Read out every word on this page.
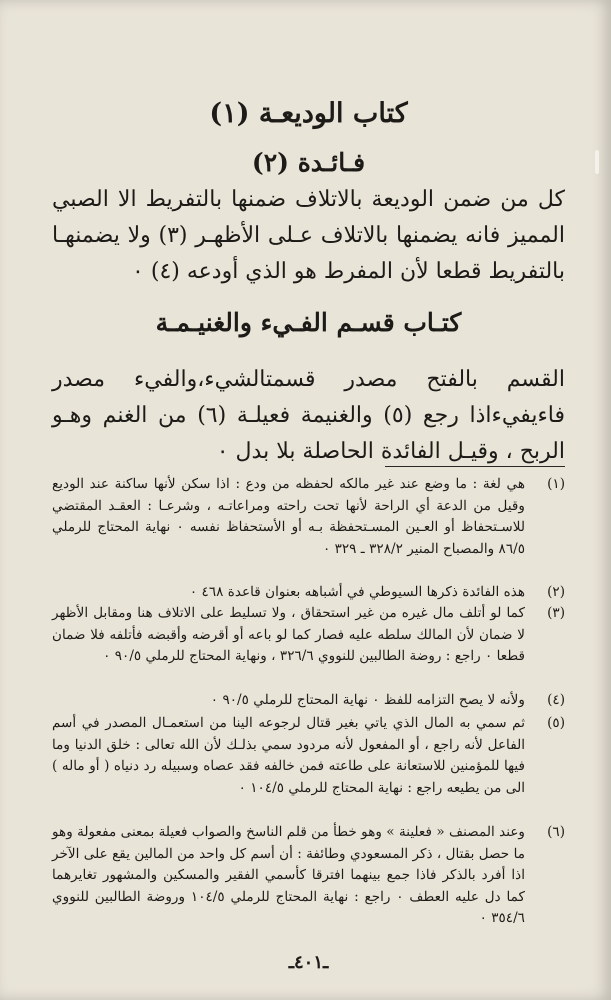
كتاب الوديعـة (١)
فـائـدة (٢)
كل من ضمن الوديعة بالاتلاف ضمنها بالتفريط الا الصبي المميز فانه يضمنها بالاتلاف عـلى الأظهـر (٣) ولا يضمنهـا بالتفريط قطعا لأن المفرط هو الذي أودعه (٤) ٠
كتـاب قسـم الفـيء والغنيـمـة
القسم بالفتح مصدر قسمتالشيء،والفيء مصدر فاءيفيءاذا رجع (٥) والغنيمة فعيلـة (٦) من الغنم وهـو الربح ، وقيـل الفائدة الحاصلة بلا بدل ٠
(١)
هي لغة : ما وضع عند غير مالكه لحفظه من ودع : اذا سكن لأنها ساكنة عند الوديع وقيل من الدعة أي الراحة لأنها تحت راحته ومراعاتـه ، وشرعـا : العقـد المقتضي للاسـتحفاظ أو العـين المسـتحفظة بـه أو الأستحفاظ نفسه ٠ نهاية المحتاج للرملي ٨٦/٥ والمصباح المنير ٣٢٨/٢ ـ ٣٢٩ ٠
(٢)
هذه الفائدة ذكرها السيوطي في أشباهه بعنوان قاعدة ٤٦٨ ٠
(٣)
كما لو أتلف مال غيره من غير استحقاق ، ولا تسليط على الاتلاف هنا ومقابل الأظهر لا ضمان لأن المالك سلطه عليه فصار كما لو باعه أو أقرضه وأقبضه فأتلفه فلا ضمان قطعا ٠ راجع : روضة الطالبين للنووي ٣٢٦/٦ ، ونهاية المحتاج للرملي ٩٠/٥ ٠
(٤)
ولأنه لا يصح التزامه للفظ ٠ نهاية المحتاج للرملي ٩٠/٥ ٠
(٥)
ثم سمي به المال الذي ياتي بغير قتال لرجوعه الينا من استعمـال المصدر في أسم الفاعل لأنه راجع ، أو المفعول لأنه مردود سمي بذلـك لأن الله تعالى : خلق الدنيا وما فيها للمؤمنين للاستعانة على طاعته فمن خالفه فقد عصاه وسبيله رد دنياه ( أو ماله ) الى من يطيعه راجع : نهاية المحتاج للرملي ١٠٤/٥ ٠
(٦)
وعند المصنف « فعلينة » وهو خطأ من قلم الناسخ والصواب فعيلة بمعنى مفعولة وهو ما حصل بقتال ، ذكر المسعودي وطائفة : أن أسم كل واحد من المالين يقع على الآخر اذا أفرد بالذكر فاذا جمع بينهما افترقا كأسمي الفقير والمسكين والمشهور تغايرهما كما دل عليه العطف ٠ راجع : نهاية المحتاج للرملي ١٠٤/٥ وروضة الطالبين للنووي ٣٥٤/٦ ٠
ـ٤٠١ـ
